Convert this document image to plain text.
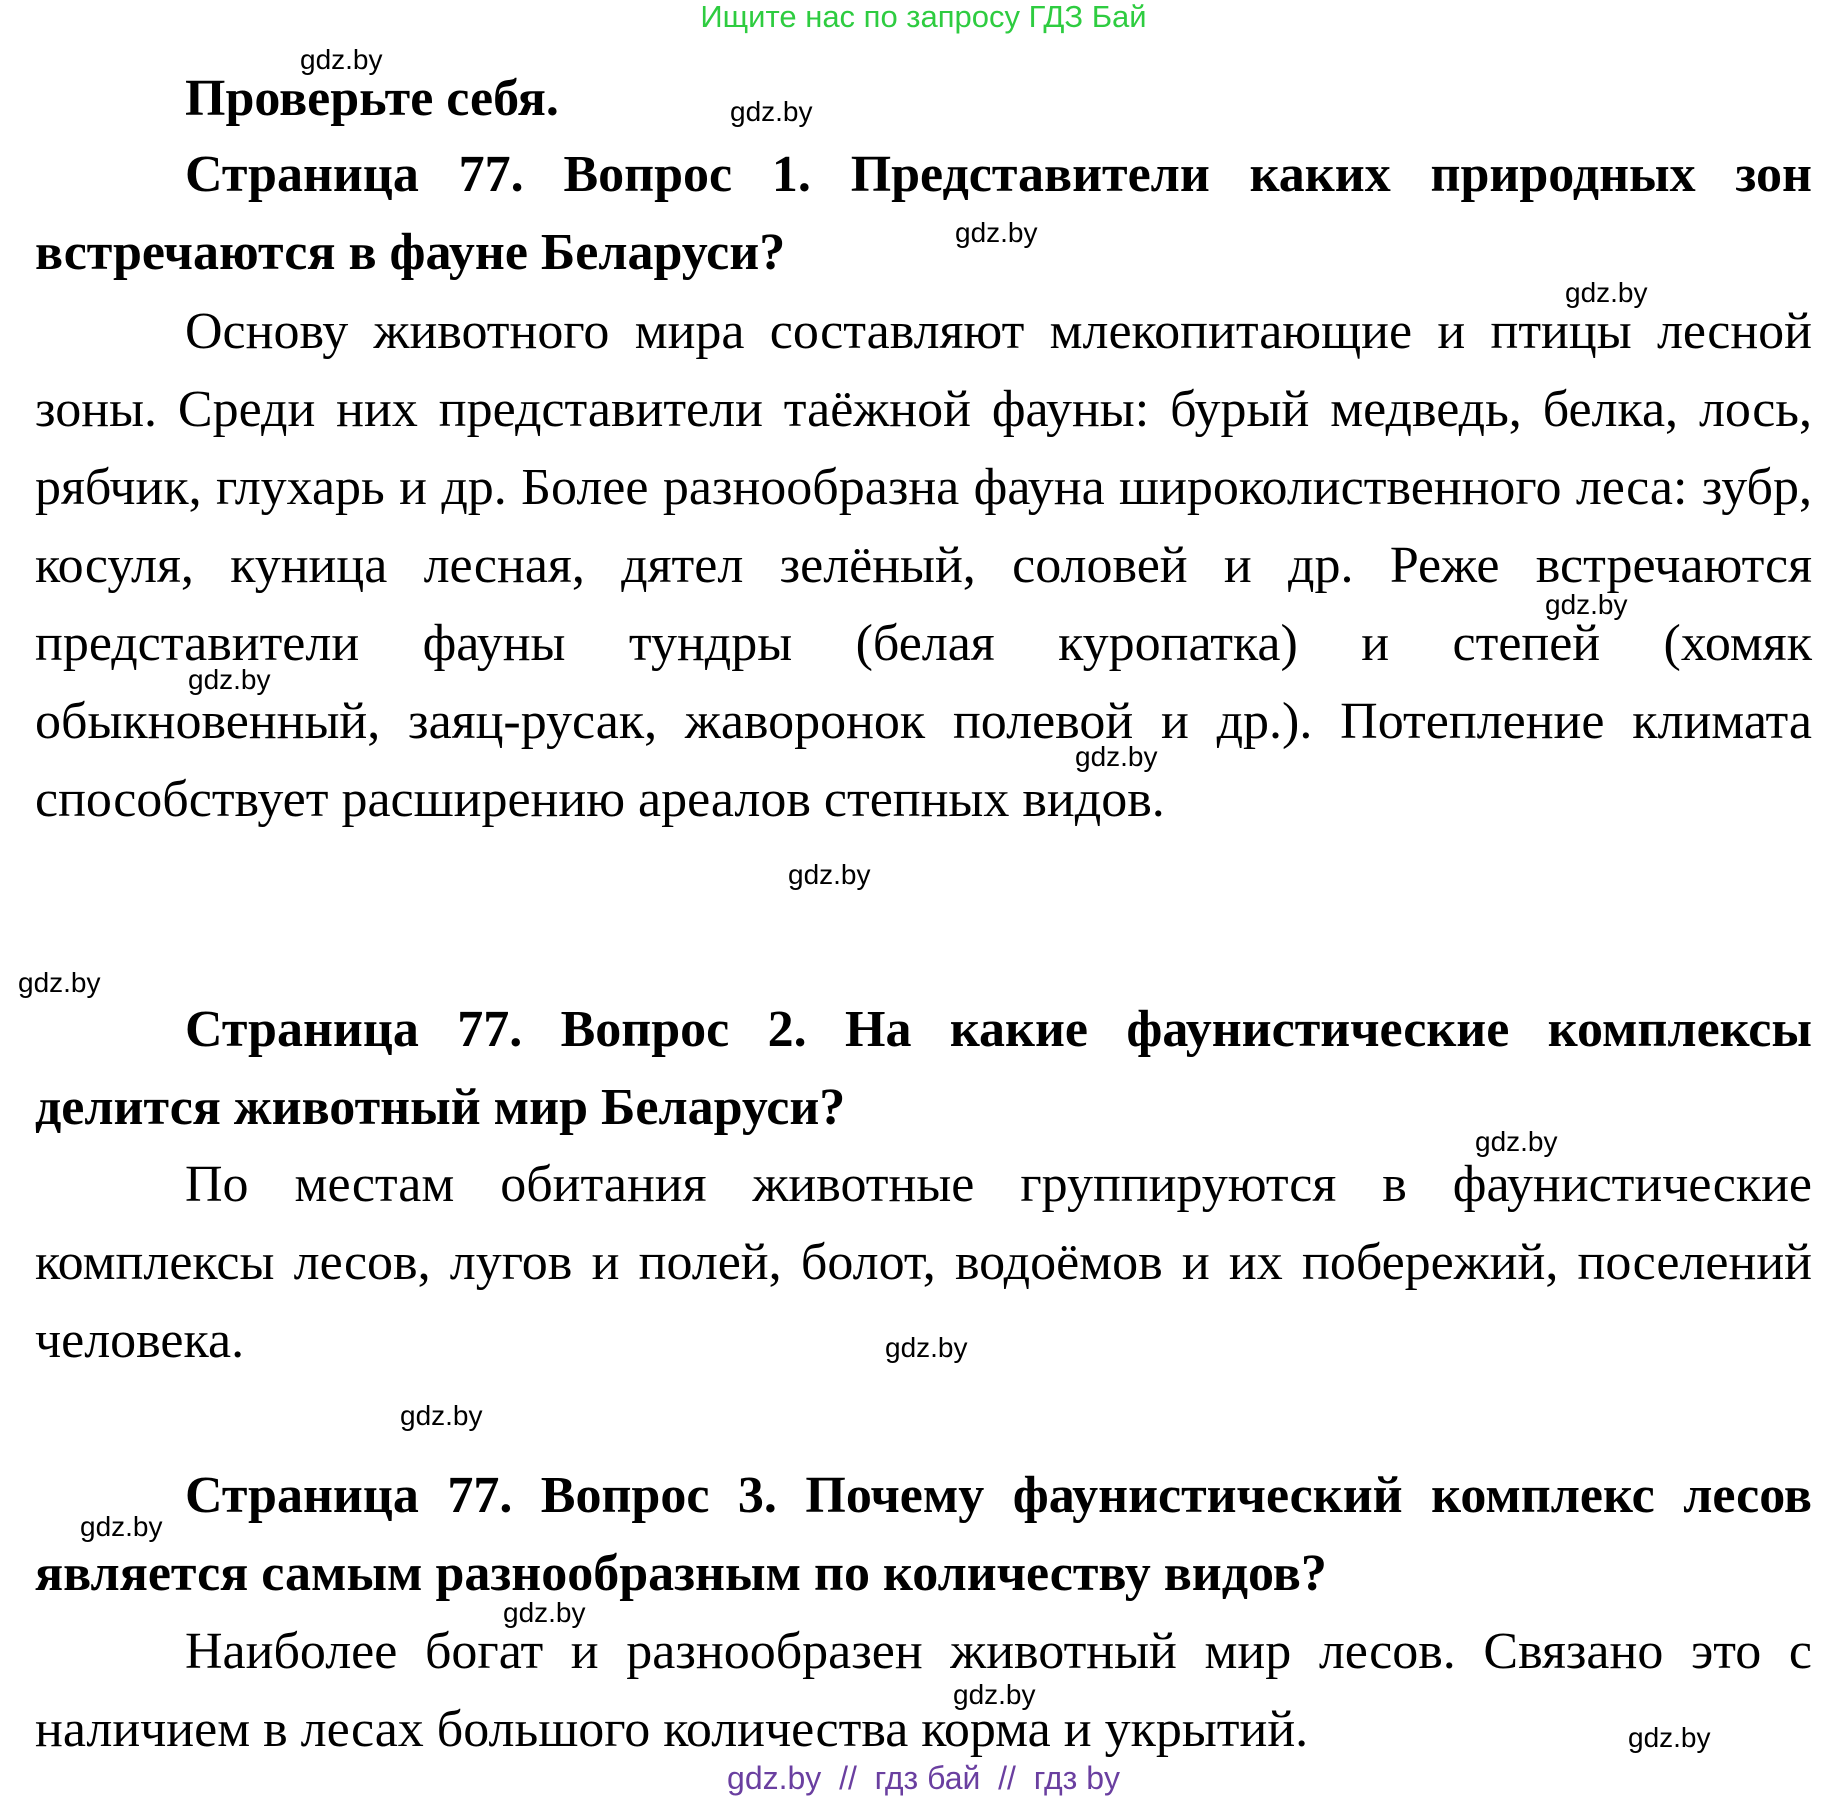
Ищите нас по запросу ГДЗ Бай
Проверьте себя.
Страница 77. Вопрос 1. Представители каких природных зон встречаются в фауне Беларуси?
Основу животного мира составляют млекопитающие и птицы лесной зоны. Среди них представители таёжной фауны: бурый медведь, белка, лось, рябчик, глухарь и др. Более разнообразна фауна широколиственного леса: зубр, косуля, куница лесная, дятел зелёный, соловей и др. Реже встречаются представители фауны тундры (белая куропатка) и степей (хомяк обыкновенный, заяц-русак, жаворонок полевой и др.). Потепление климата способствует расширению ареалов степных видов.
Страница 77. Вопрос 2. На какие фаунистические комплексы делится животный мир Беларуси?
По местам обитания животные группируются в фаунистические комплексы лесов, лугов и полей, болот, водоёмов и их побережий, поселений человека.
Страница 77. Вопрос 3. Почему фаунистический комплекс лесов является самым разнообразным по количеству видов?
Наиболее богат и разнообразен животный мир лесов. Связано это с наличием в лесах большого количества корма и укрытий.
gdz.by
gdz.by
gdz.by
gdz.by
gdz.by
gdz.by
gdz.by
gdz.by
gdz.by
gdz.by
gdz.by
gdz.by
gdz.by
gdz.by
gdz.by
gdz.by
gdz.by  //  гдз бай  //  гдз by
